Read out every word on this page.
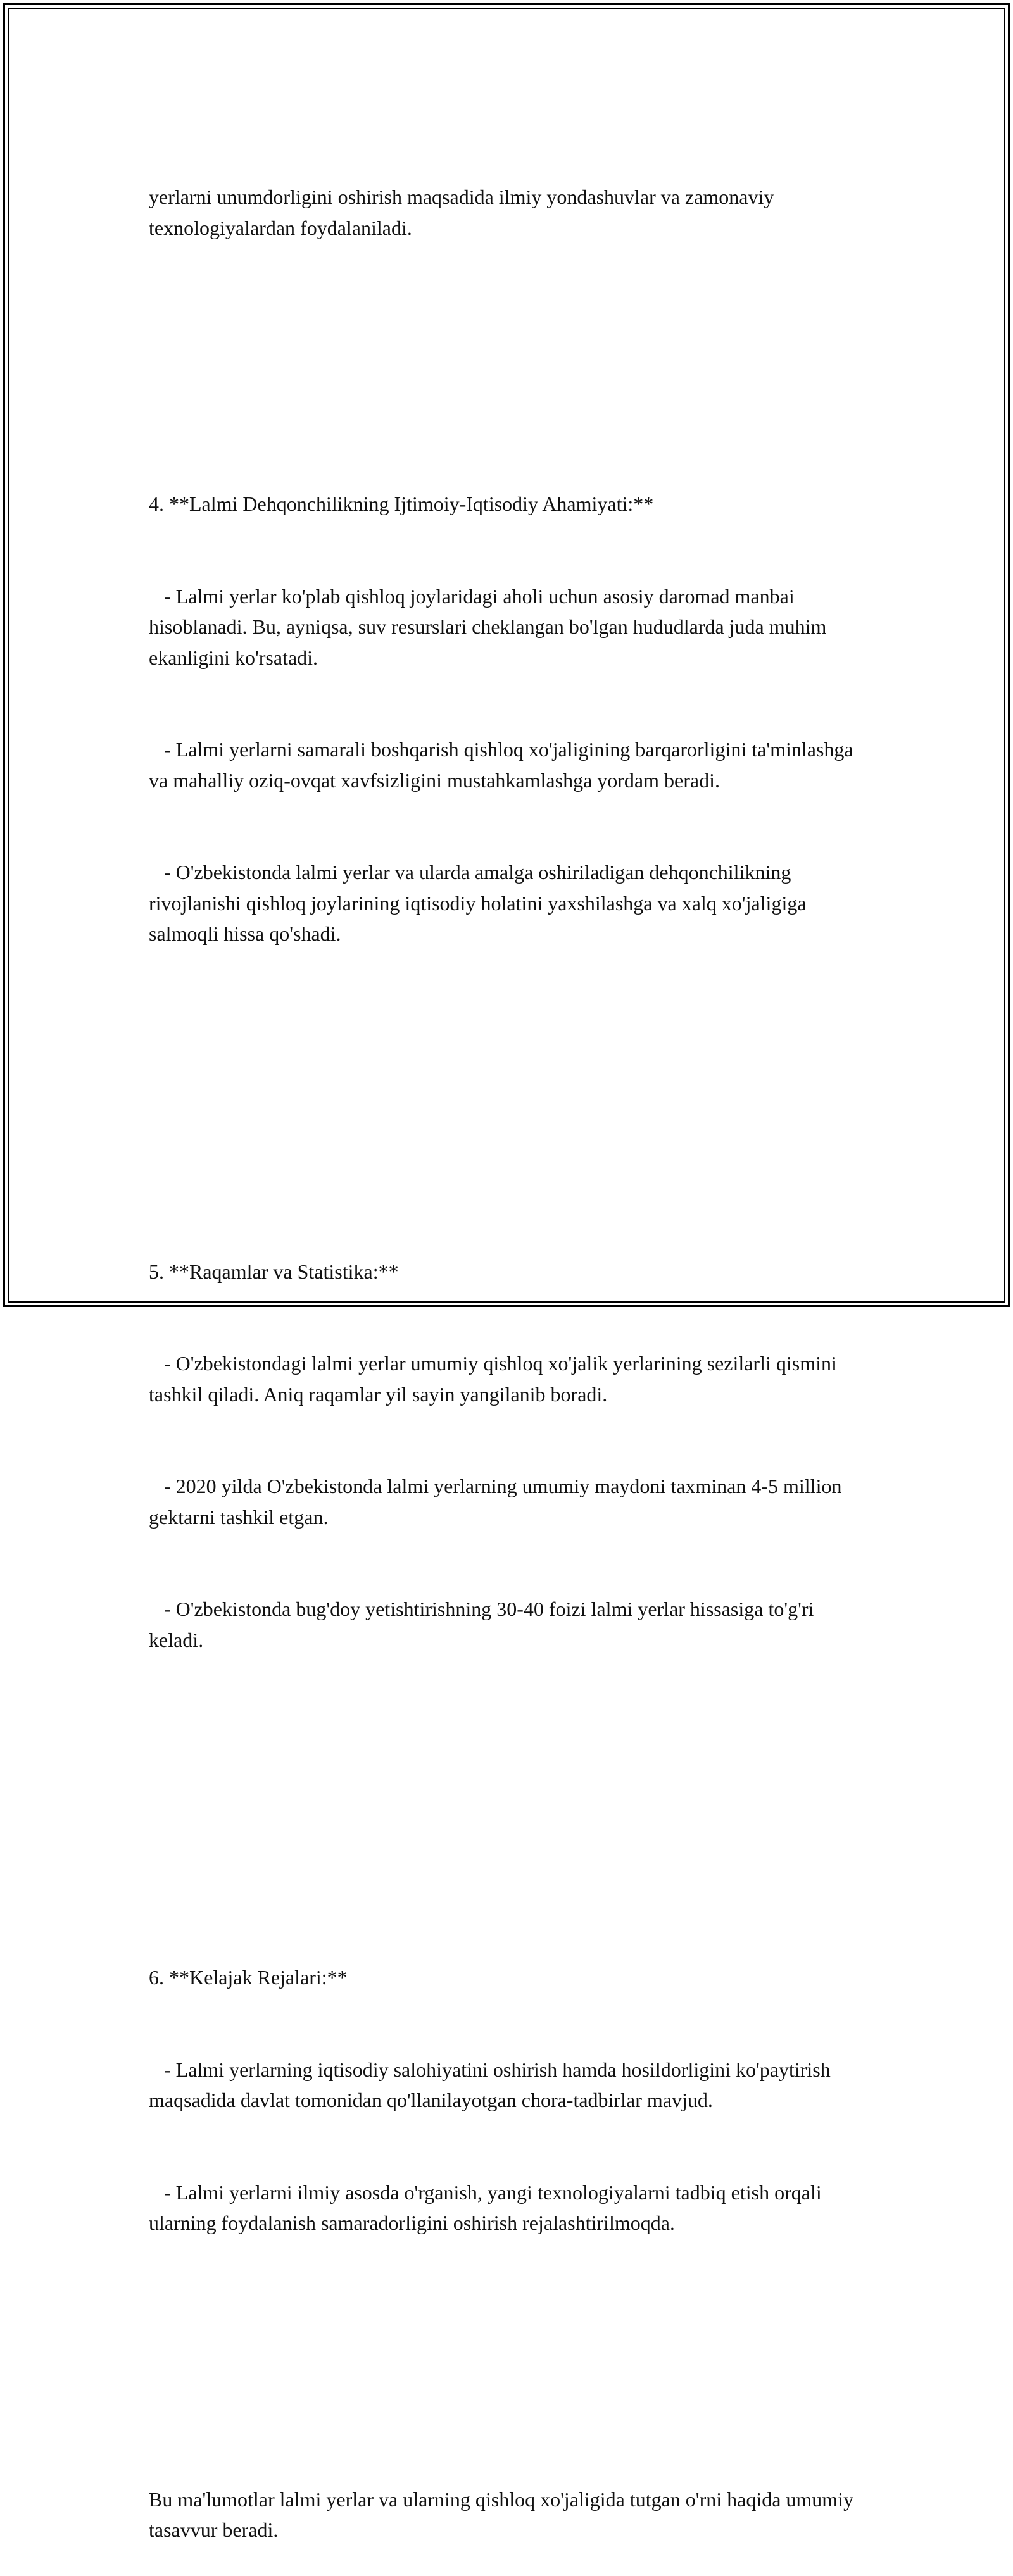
yerlarni unumdorligini oshirish maqsadida ilmiy yondashuvlar va zamonaviy texnologiyalardan foydalaniladi.

4. **Lalmi Dehqonchilikning Ijtimoiy-Iqtisodiy Ahamiyati:**

- Lalmi yerlar ko'plab qishloq joylaridagi aholi uchun asosiy daromad manbai hisoblanadi. Bu, ayniqsa, suv resurslari cheklangan bo'lgan hududlarda juda muhim ekanligini ko'rsatadi.

- Lalmi yerlarni samarali boshqarish qishloq xo'jaligining barqarorligini ta'minlashga va mahalliy oziq-ovqat xavfsizligini mustahkamlashga yordam beradi.

- O'zbekistonda lalmi yerlar va ularda amalga oshiriladigan dehqonchilikning rivojlanishi qishloq joylarining iqtisodiy holatini yaxshilashga va xalq xo'jaligiga salmoqli hissa qo'shadi.

5. **Raqamlar va Statistika:**

- O'zbekistondagi lalmi yerlar umumiy qishloq xo'jalik yerlarining sezilarli qismini tashkil qiladi. Aniq raqamlar yil sayin yangilanib boradi.

- 2020 yilda O'zbekistonda lalmi yerlarning umumiy maydoni taxminan 4-5 million gektarni tashkil etgan.

- O'zbekistonda bug'doy yetishtirishning 30-40 foizi lalmi yerlar hissasiga to'g'ri keladi.

6. **Kelajak Rejalari:**

- Lalmi yerlarning iqtisodiy salohiyatini oshirish hamda hosildorligini ko'paytirish maqsadida davlat tomonidan qo'llanilayotgan chora-tadbirlar mavjud.

- Lalmi yerlarni ilmiy asosda o'rganish, yangi texnologiyalarni tadbiq etish orqali ularning foydalanish samaradorligini oshirish rejalashtirilmoqda.

Bu ma'lumotlar lalmi yerlar va ularning qishloq xo'jaligida tutgan o'rni haqida umumiy tasavvur beradi.
